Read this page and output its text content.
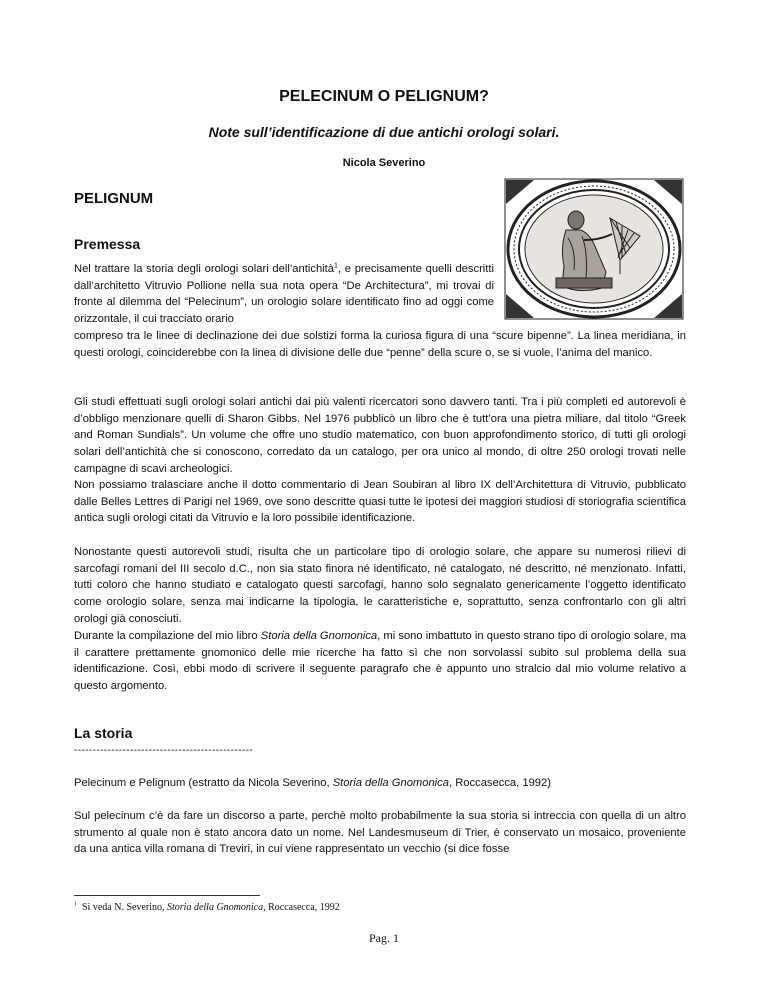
PELECINUM O PELIGNUM?
Note sull’identificazione di due antichi orologi solari.
Nicola Severino
PELIGNUM
Premessa

Nel trattare la storia degli orologi solari dell’antichità$^1$, e precisamente quelli descritti dall’architetto Vitruvio Pollione nella sua nota opera “De Architectura”, mi trovai di fronte al dilemma del “Pelecinum”, un orologio solare identificato fino ad oggi come orizzontale, il cui tracciato orario

compreso tra le linee di declinazione dei due solstizi forma la curiosa figura di una “scure bipenne”. La linea meridiana, in questi orologi, coinciderebbe con la linea di divisione delle due “penne” della scure o, se si vuole, l’anima del manico.

Gli studi effettuati sugli orologi solari antichi dai più valenti ricercatori sono davvero tanti. Tra i più completi ed autorevoli è d’obbligo menzionare quelli di Sharon Gibbs. Nel 1976 pubblicò un libro che è tutt’ora una pietra miliare, dal titolo “Greek and Roman Sundials”. Un volume che offre uno studio matematico, con buon approfondimento storico, di tutti gli orologi solari dell’antichità che si conoscono, corredato da un catalogo, per ora unico al mondo, di oltre 250 orologi trovati nelle campagne di scavi archeologici.

Non possiamo tralasciare anche il dotto commentario di Jean Soubiran al libro IX dell’Architettura di Vitruvio, pubblicato dalle Belles Lettres di Parigi nel 1969, ove sono descritte quasi tutte le ipotesi dei maggiori studiosi di storiografia scientifica antica sugli orologi citati da Vitruvio e la loro possibile identificazione.

Nonostante questi autorevoli studi, risulta che un particolare tipo di orologio solare, che appare su numerosi rilievi di sarcofagi romani del III secolo d.C., non sia stato finora né identificato, né catalogato, né descritto, né menzionato. Infatti, tutti coloro che hanno studiato e catalogato questi sarcofagi, hanno solo segnalato genericamente l’oggetto identificato come orologio solare, senza mai indicarne la tipologia, le caratteristiche e, soprattutto, senza confrontarlo con gli altri orologi già conosciuti.

Durante la compilazione del mio libro Storia della Gnomonica, mi sono imbattuto in questo strano tipo di orologio solare, ma il carattere prettamente gnomonico delle mie ricerche ha fatto sì che non sorvolassi subito sul problema della sua identificazione. Così, ebbi modo di scrivere il seguente paragrafo che è appunto uno stralcio dal mio volume relativo a questo argomento.

La storia
------------------------------------------------

Pelecinum e Pelignum (estratto da Nicola Severino, Storia della Gnomonica, Roccasecca, 1992)

Sul pelecinum c’è da fare un discorso a parte, perchè molto probabilmente la sua storia si intreccia con quella di un altro strumento al quale non è stato ancora dato un nome. Nel Landesmuseum di Trier, è conservato un mosaico, proveniente da una antica villa romana di Treviri, in cui viene rappresentato un vecchio (si dice fosse

$^1$ Si veda N. Severino, Storia della Gnomonica, Roccasecca, 1992
Pag. 1
